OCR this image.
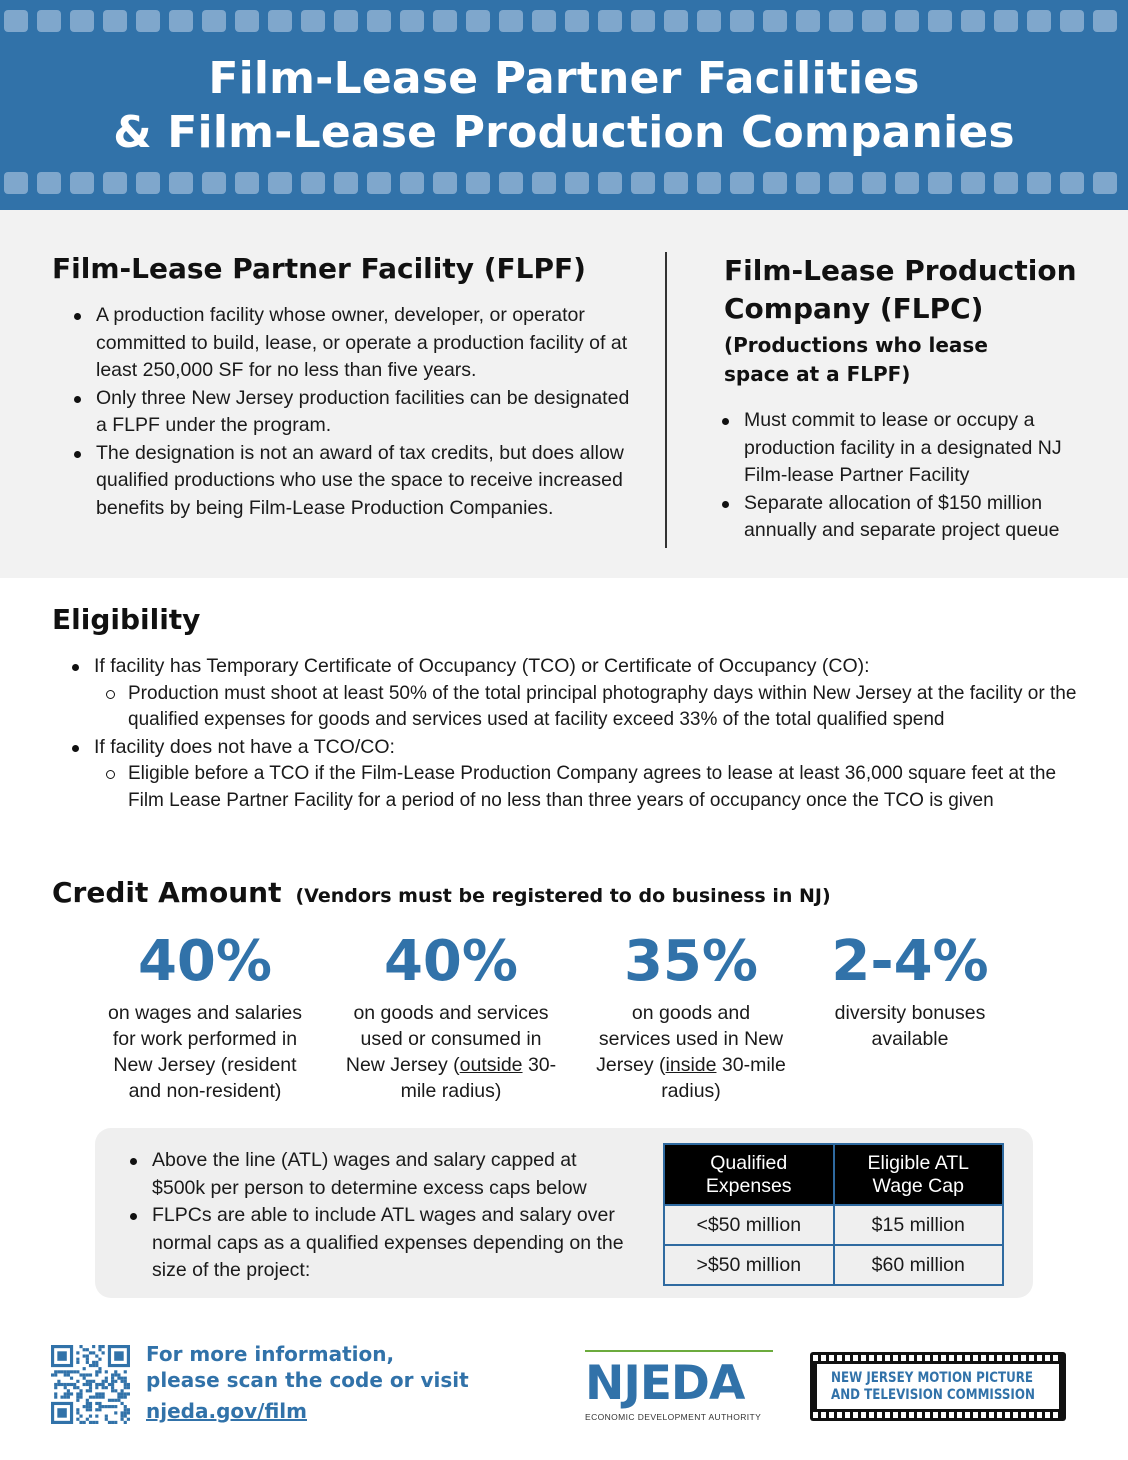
Film-Lease Partner Facilities
& Film-Lease Production Companies
Film-Lease Partner Facility (FLPF)
A production facility whose owner, developer, or operator committed to build, lease, or operate a production facility of at least 250,000 SF for no less than five years.
Only three New Jersey production facilities can be designated a FLPF under the program.
The designation is not an award of tax credits, but does allow qualified productions who use the space to receive increased benefits by being Film-Lease Production Companies.
Film-Lease Production
Company (FLPC)
(Productions who lease
space at a FLPF)
Must commit to lease or occupy a production facility in a designated NJ Film-lease Partner Facility
Separate allocation of $150 million annually and separate project queue
Eligibility
If facility has Temporary Certificate of Occupancy (TCO) or Certificate of Occupancy (CO):
Production must shoot at least 50% of the total principal photography days within New Jersey at the facility or the qualified expenses for goods and services used at facility exceed 33% of the total qualified spend
If facility does not have a TCO/CO:
Eligible before a TCO if the Film-Lease Production Company agrees to lease at least 36,000 square feet at the Film Lease Partner Facility for a period of no less than three years of occupancy once the TCO is given
Credit Amount (Vendors must be registered to do business in NJ)
40%
on wages and salaries for work performed in New Jersey (resident and non-resident)
40%
on goods and services used or consumed in New Jersey (outside 30-mile radius)
35%
on goods and services used in New Jersey (inside 30-mile radius)
2-4%
diversity bonuses available
Above the line (ATL) wages and salary capped at $500k per person to determine excess caps below
FLPCs are able to include ATL wages and salary over normal caps as a qualified expenses depending on the size of the project:
Qualified Expenses	Eligible ATL Wage Cap
<$50 million	$15 million
>$50 million	$60 million
For more information,
please scan the code or visit
njeda.gov/film	NJEDA
ECONOMIC DEVELOPMENT AUTHORITY
NEW JERSEY MOTION PICTURE
AND TELEVISION COMMISSION
